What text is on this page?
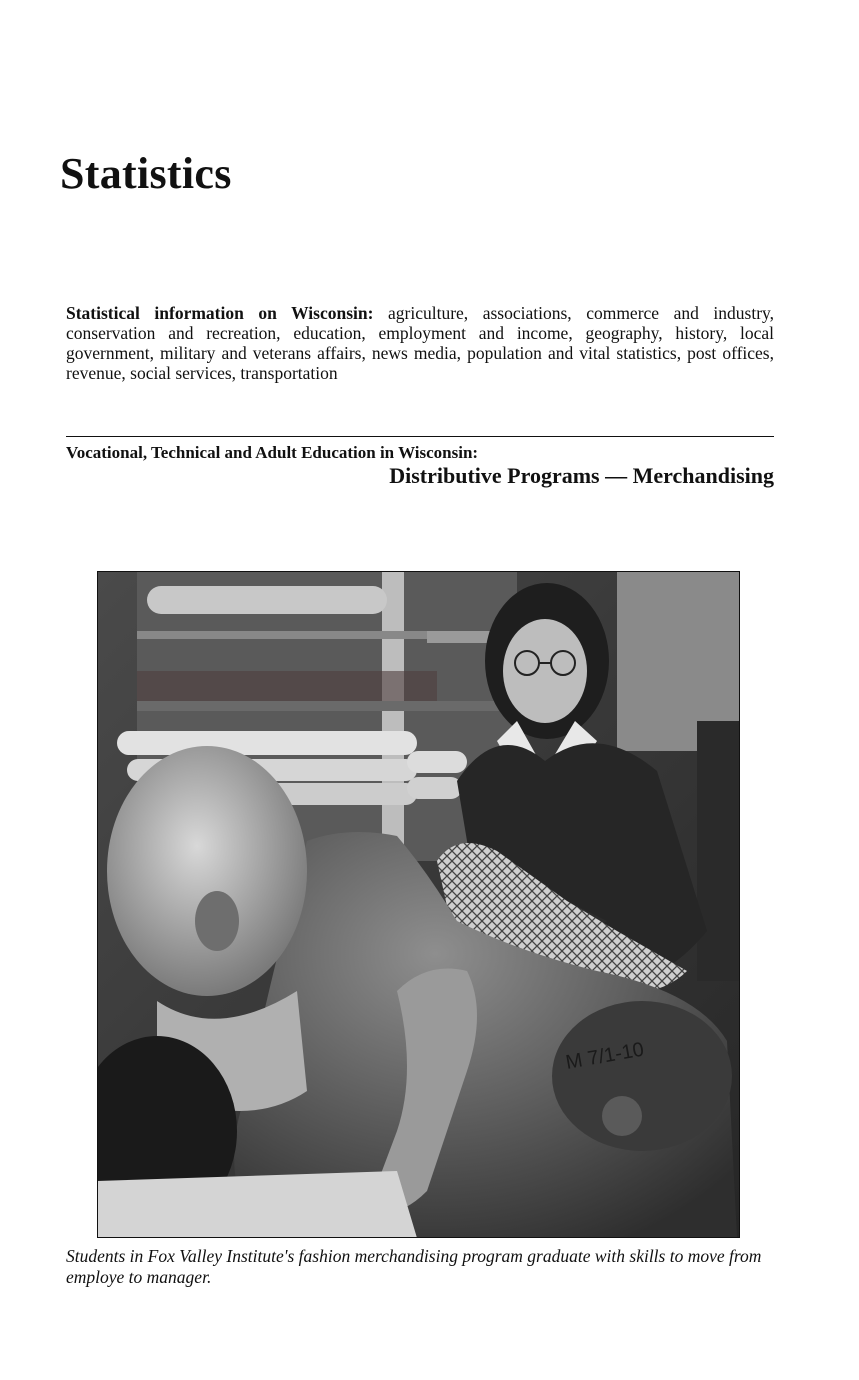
Statistics

Statistical information on Wisconsin: agriculture, associations, commerce and industry, conservation and recreation, education, employment and income, geography, history, local government, military and veterans affairs, news media, population and vital statistics, post offices, revenue, social services, transportation

Vocational, Technical and Adult Education in Wisconsin:
Distributive Programs — Merchandising
M 7/1-10

Students in Fox Valley Institute's fashion merchandising program graduate with skills to move from employe to manager.
